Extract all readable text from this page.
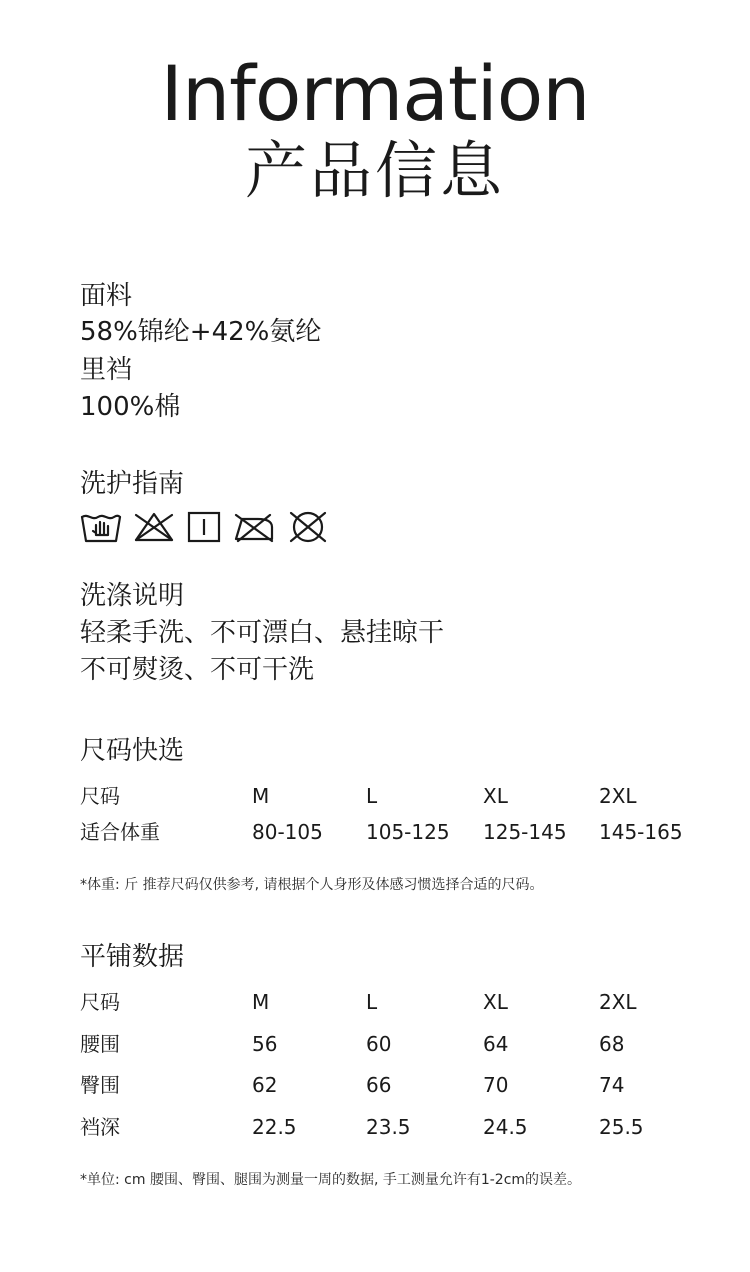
Information
产品信息
面料
58%锦纶+42%氨纶
里裆
100%棉
洗护指南
洗涤说明
轻柔手洗、不可漂白、悬挂晾干
不可熨烫、不可干洗
尺码快选
尺码	M	L	XL	2XL
适合体重	80-105 105-125 125-145 145-165
*体重: 斤 推荐尺码仅供参考, 请根据个人身形及体感习惯选择合适的尺码。
平铺数据
尺码	M	L	XL	2XL
腰围	56	60	64	68
臀围	62	66	70	74
裆深	22.5	23.5	24.5	25.5
*单位: cm 腰围、臀围、腿围为测量一周的数据, 手工测量允许有1-2cm的误差。
